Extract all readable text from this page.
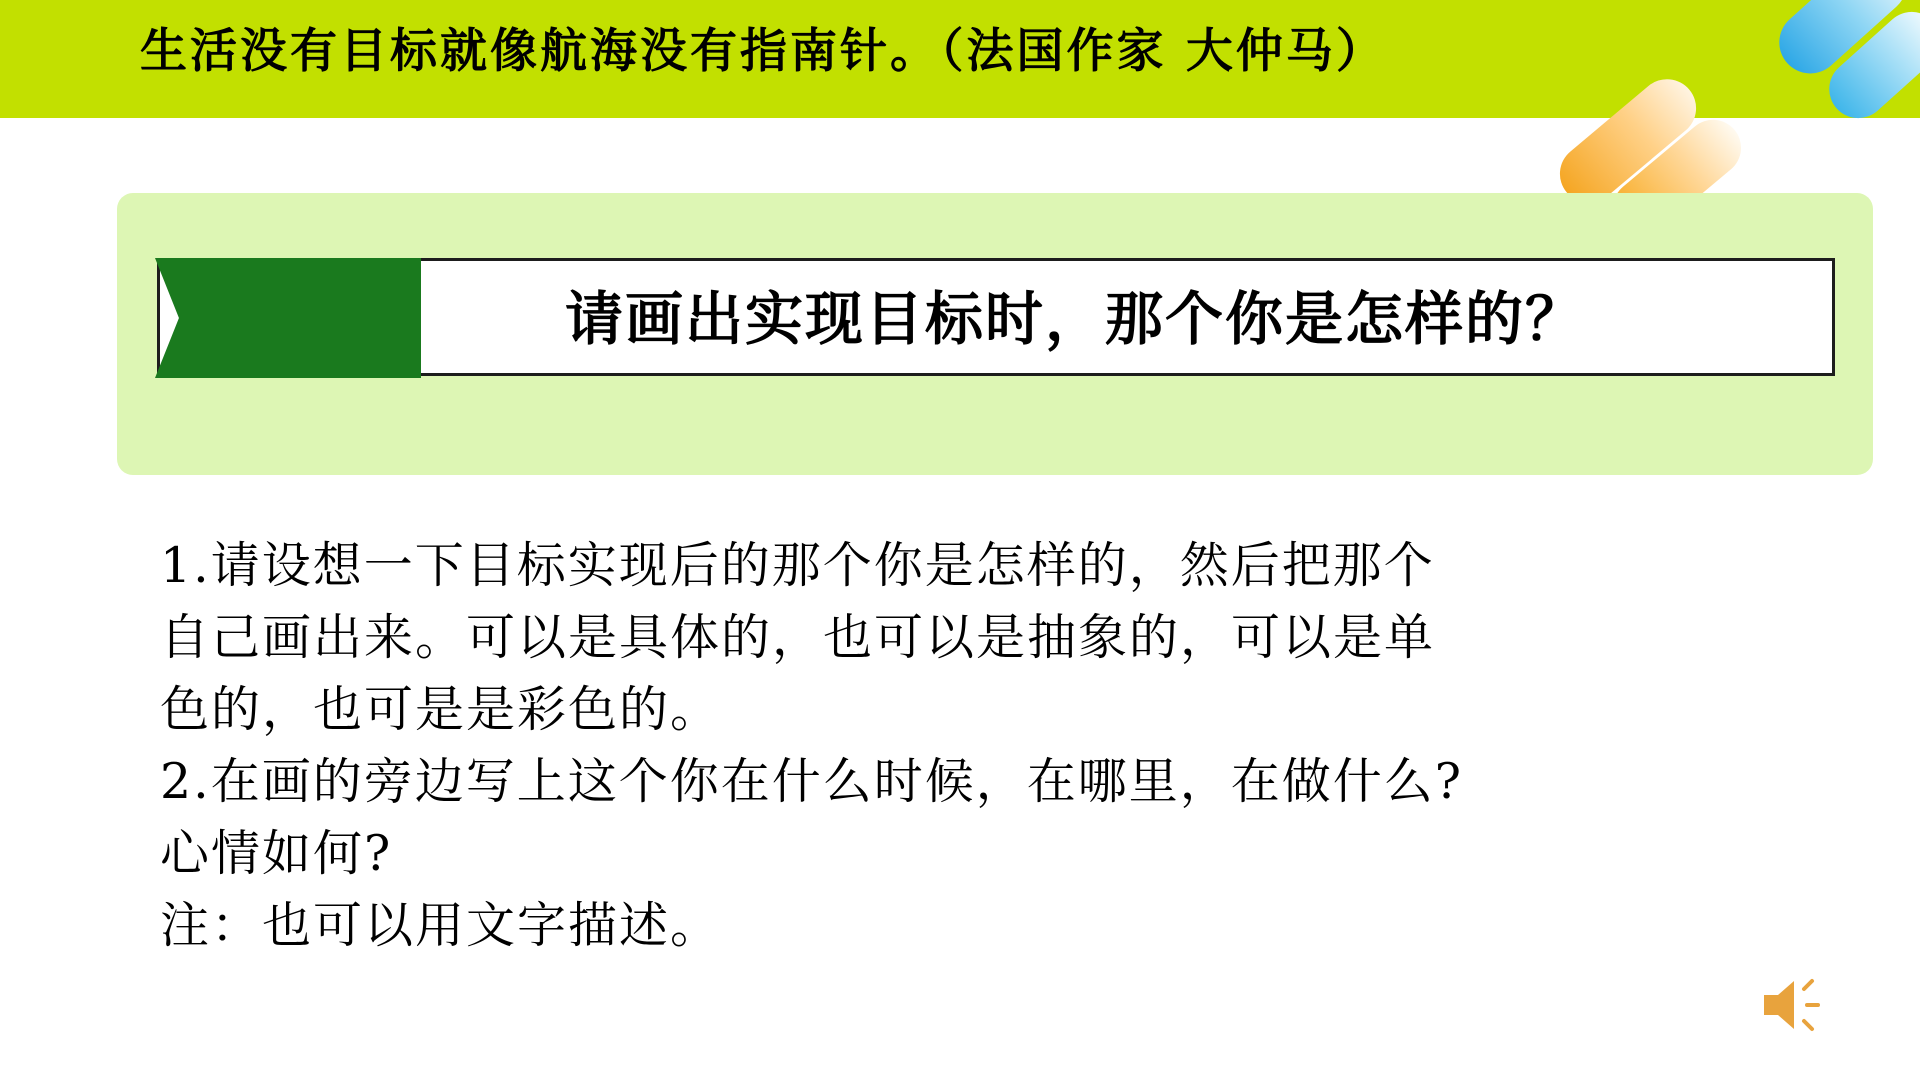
生活没有目标就像航海没有指南针。（法国作家 大仲马）
请画出实现目标时，那个你是怎样的？
1.请设想一下目标实现后的那个你是怎样的，然后把那个
自己画出来。可以是具体的，也可以是抽象的，可以是单
色的，也可是是彩色的。
2.在画的旁边写上这个你在什么时候，在哪里，在做什么?
心情如何?
注：也可以用文字描述。
